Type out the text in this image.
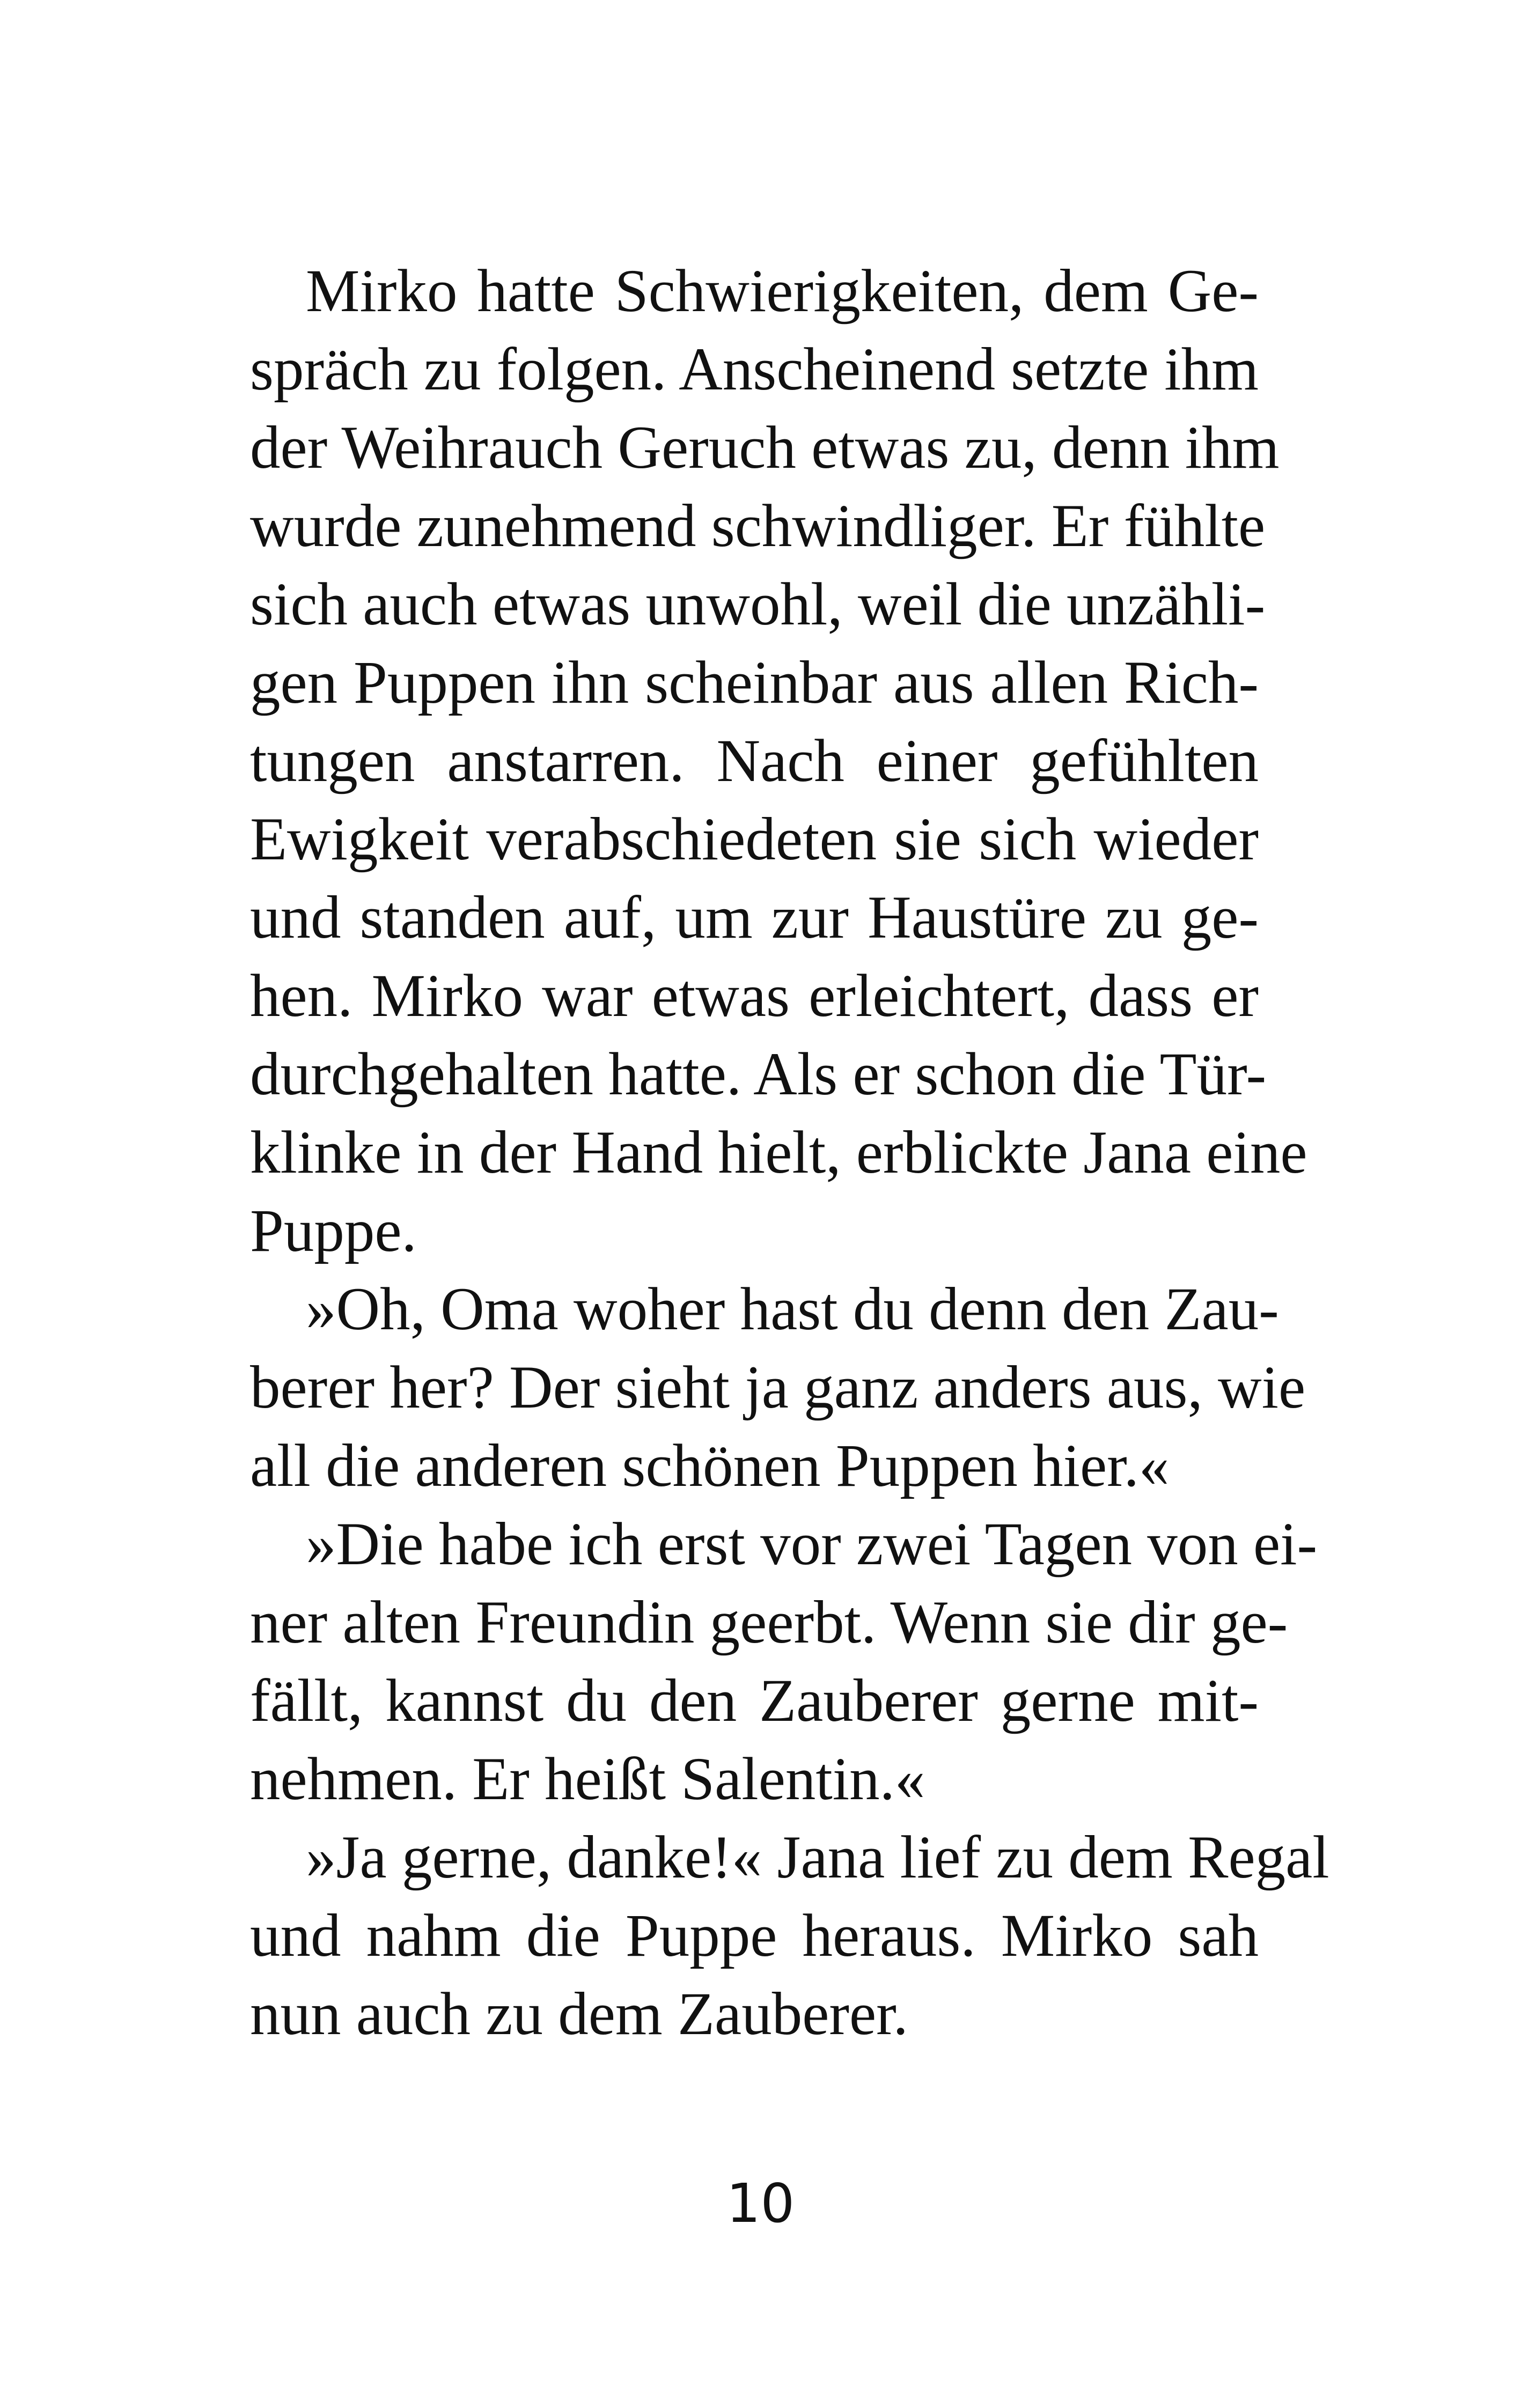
Mirko hatte Schwierigkeiten, dem Ge-
spräch zu folgen. Anscheinend setzte ihm
der Weihrauch Geruch etwas zu, denn ihm
wurde zunehmend schwindliger. Er fühlte
sich auch etwas unwohl, weil die unzähli-
gen Puppen ihn scheinbar aus allen Rich-
tungen anstarren. Nach einer gefühlten
Ewigkeit verabschiedeten sie sich wieder
und standen auf, um zur Haustüre zu ge-
hen. Mirko war etwas erleichtert, dass er
durchgehalten hatte. Als er schon die Tür-
klinke in der Hand hielt, erblickte Jana eine
Puppe.
»Oh, Oma woher hast du denn den Zau-
berer her? Der sieht ja ganz anders aus, wie
all die anderen schönen Puppen hier.«
»Die habe ich erst vor zwei Tagen von ei-
ner alten Freundin geerbt. Wenn sie dir ge-
fällt, kannst du den Zauberer gerne mit-
nehmen. Er heißt Salentin.«
»Ja gerne, danke!« Jana lief zu dem Regal
und nahm die Puppe heraus. Mirko sah
nun auch zu dem Zauberer.
10
